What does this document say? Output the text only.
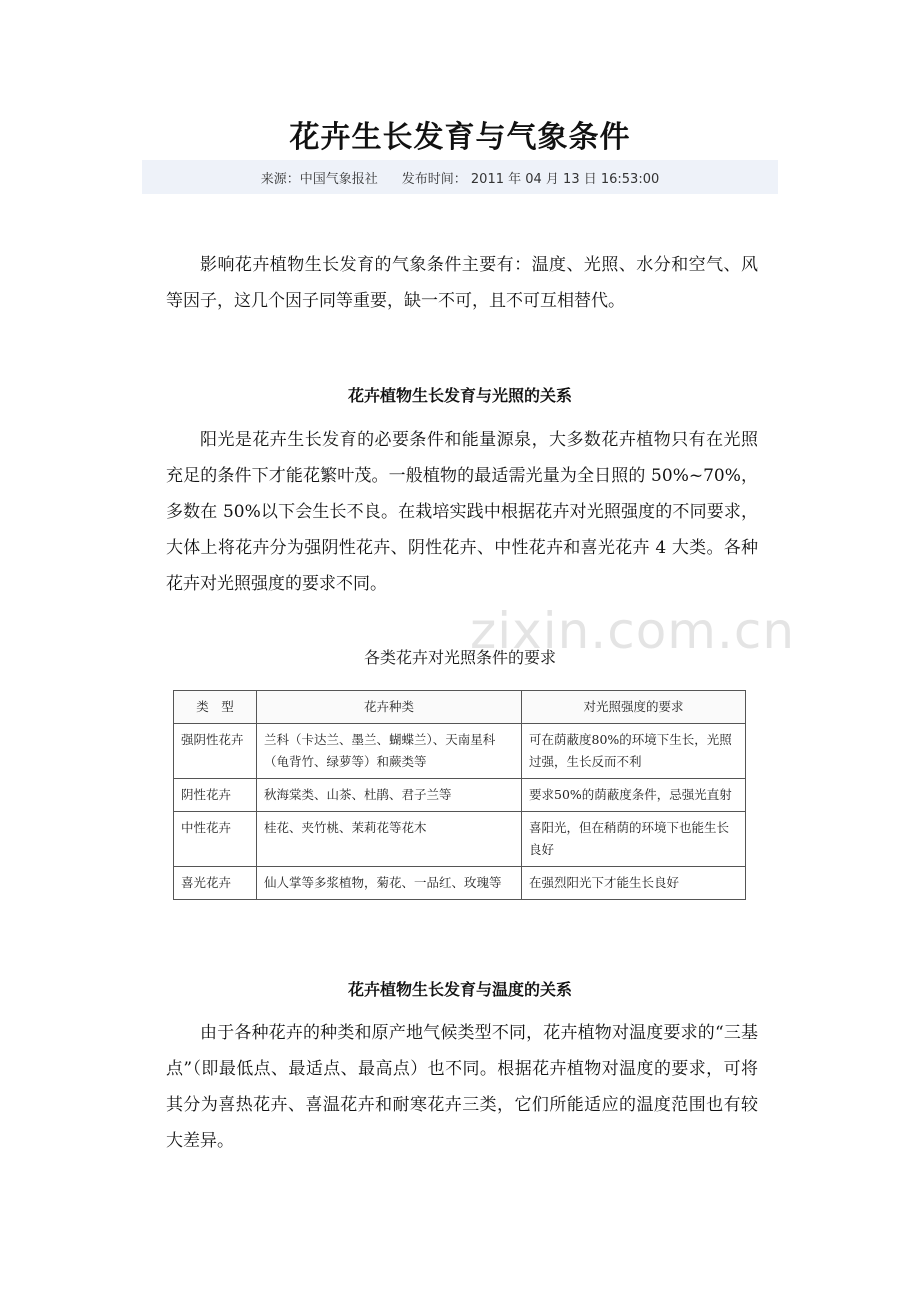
花卉生长发育与气象条件
来源：中国气象报社 发布时间： 2011 年 04 月 13 日 16:53:00
影响花卉植物生长发育的气象条件主要有：温度、光照、水分和空气、风等因子，这几个因子同等重要，缺一不可，且不可互相替代。
花卉植物生长发育与光照的关系
阳光是花卉生长发育的必要条件和能量源泉，大多数花卉植物只有在光照充足的条件下才能花繁叶茂。一般植物的最适需光量为全日照的 50%~70%，多数在 50%以下会生长不良。在栽培实践中根据花卉对光照强度的不同要求，大体上将花卉分为强阴性花卉、阴性花卉、中性花卉和喜光花卉 4 大类。各种花卉对光照强度的要求不同。
zixin.com.cn
各类花卉对光照条件的要求
类　型	花卉种类	对光照强度的要求
强阴性花卉	兰科（卡达兰、墨兰、蝴蝶兰）、天南星科（龟背竹、绿萝等）和蕨类等	可在荫蔽度80%的环境下生长，光照过强，生长反而不利
阴性花卉	秋海棠类、山茶、杜鹃、君子兰等	要求50%的荫蔽度条件，忌强光直射
中性花卉	桂花、夹竹桃、茉莉花等花木	喜阳光，但在稍荫的环境下也能生长良好
喜光花卉	仙人掌等多浆植物，菊花、一品红、玫瑰等	在强烈阳光下才能生长良好
花卉植物生长发育与温度的关系
由于各种花卉的种类和原产地气候类型不同，花卉植物对温度要求的“三基点”（即最低点、最适点、最高点）也不同。根据花卉植物对温度的要求，可将其分为喜热花卉、喜温花卉和耐寒花卉三类，它们所能适应的温度范围也有较大差异。
